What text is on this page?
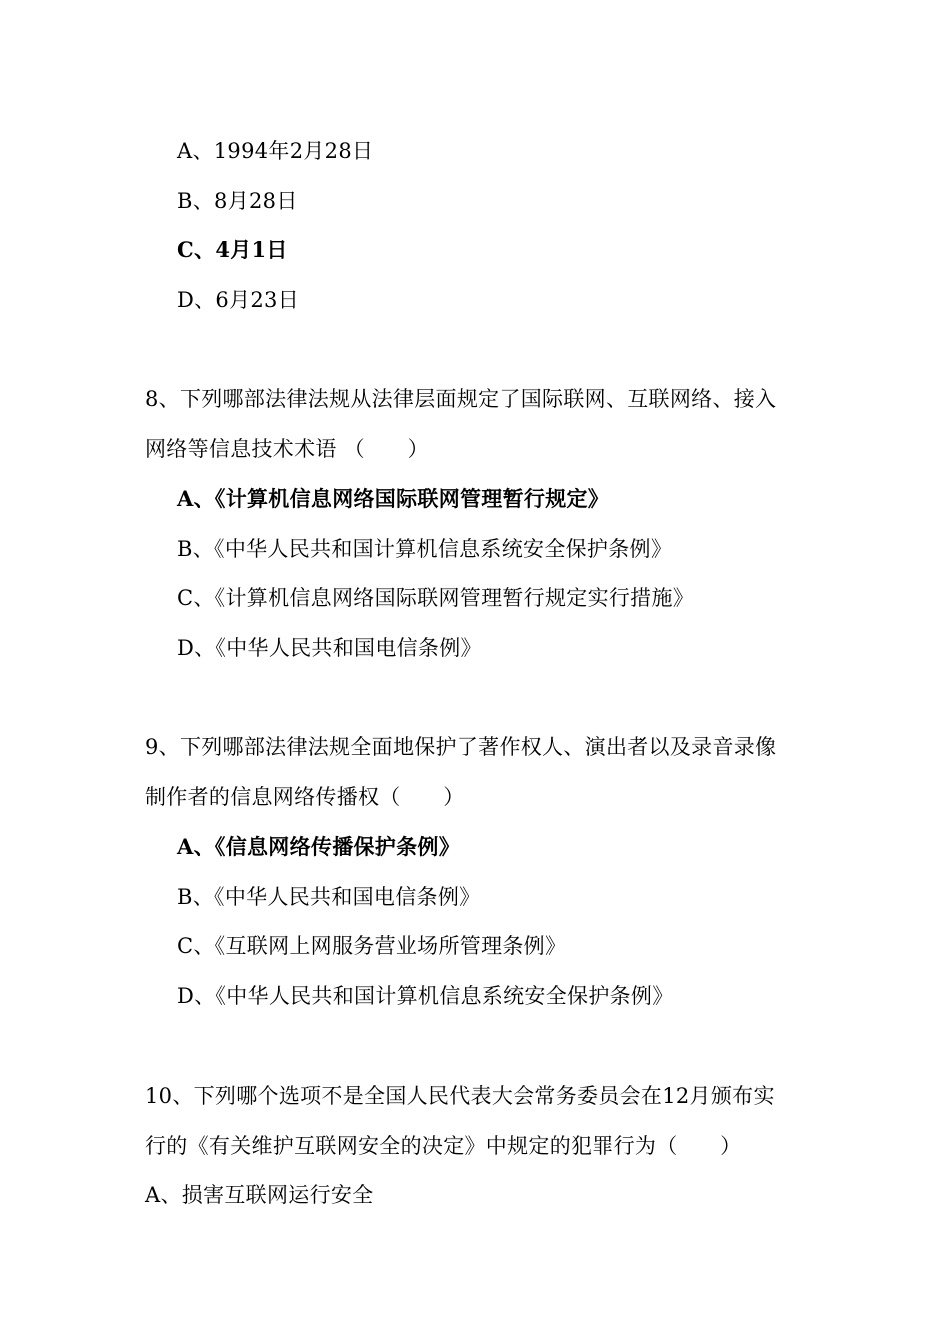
A、1994年2月28日
B、8月28日
C、4月1日
D、6月23日
8、下列哪部法律法规从法律层面规定了国际联网、互联网络、接入
网络等信息技术术语 （　　）
A、《计算机信息网络国际联网管理暂行规定》
B、《中华人民共和国计算机信息系统安全保护条例》
C、《计算机信息网络国际联网管理暂行规定实行措施》
D、《中华人民共和国电信条例》
9、下列哪部法律法规全面地保护了著作权人、演出者以及录音录像
制作者的信息网络传播权（　　）
A、《信息网络传播保护条例》
B、《中华人民共和国电信条例》
C、《互联网上网服务营业场所管理条例》
D、《中华人民共和国计算机信息系统安全保护条例》
10、下列哪个选项不是全国人民代表大会常务委员会在12月颁布实
行的《有关维护互联网安全的决定》中规定的犯罪行为（　　）
A、损害互联网运行安全
